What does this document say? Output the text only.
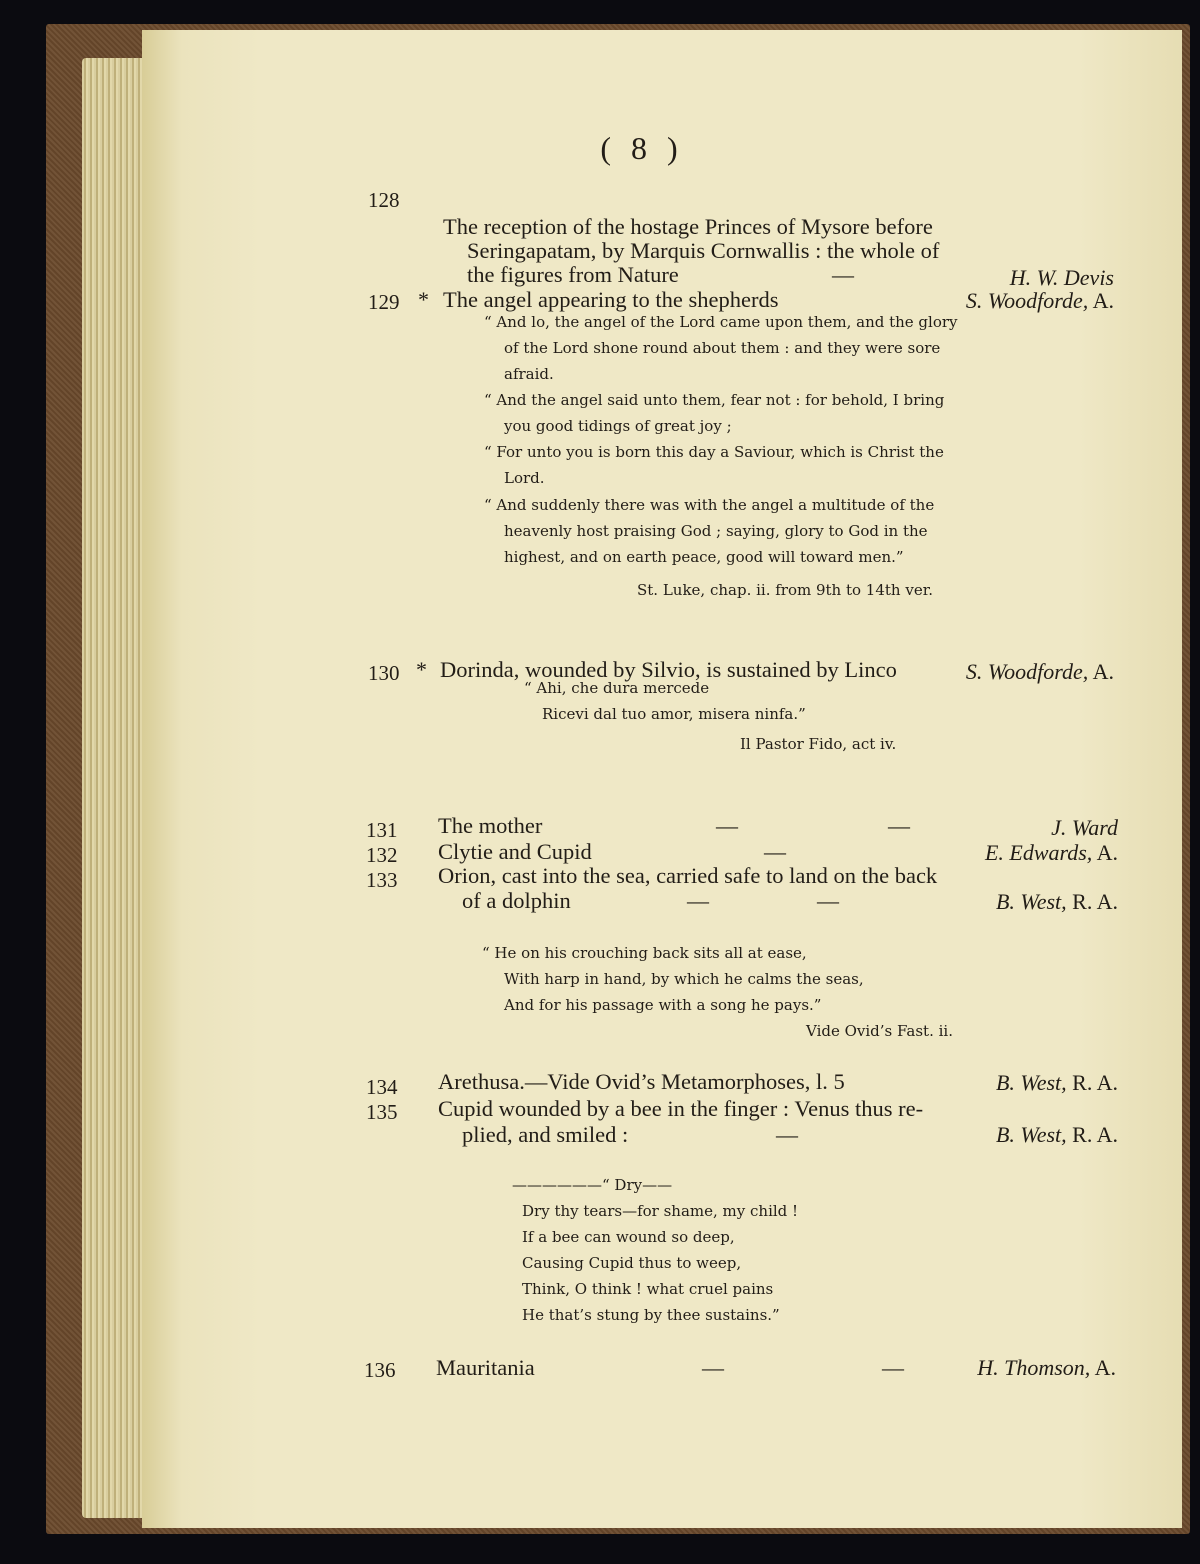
( 8 )
128
The reception of the hostage Princes of Mysore before
Seringapatam, by Marquis Cornwallis : the whole of
the figures from Nature	—	H. W. Devis
129 * The angel appearing to the shepherds	S. Woodforde, A.
“ And lo, the angel of the Lord came upon them, and the glory
of the Lord shone round about them : and they were sore
afraid.
“ And the angel said unto them, fear not : for behold, I bring
you good tidings of great joy ;
“ For unto you is born this day a Saviour, which is Christ the
Lord.
“ And suddenly there was with the angel a multitude of the
heavenly host praising God ; saying, glory to God in the
highest, and on earth peace, good will toward men.”
St. Luke, chap. ii. from 9th to 14th ver.
130 * Dorinda, wounded by Silvio, is sustained by Linco	S. Woodforde, A.
“ Ahi, che dura mercede
Ricevi dal tuo amor, misera ninfa.”
Il Pastor Fido, act iv.
131 The mother	—	—	J. Ward
132 Clytie and Cupid	—	E. Edwards, A.
133 Orion, cast into the sea, carried safe to land on the back
of a dolphin	—	—	B. West, R. A.
“ He on his crouching back sits all at ease,
With harp in hand, by which he calms the seas,
And for his passage with a song he pays.”
Vide Ovid’s Fast. ii.
134 Arethusa.—Vide Ovid’s Metamorphoses, l. 5	B. West, R. A.
135 Cupid wounded by a bee in the finger : Venus thus re-
plied, and smiled :	—	B. West, R. A.
——————“ Dry——
Dry thy tears—for shame, my child !
If a bee can wound so deep,
Causing Cupid thus to weep,
Think, O think ! what cruel pains
He that’s stung by thee sustains.”
136 Mauritania	—	—	H. Thomson, A.
